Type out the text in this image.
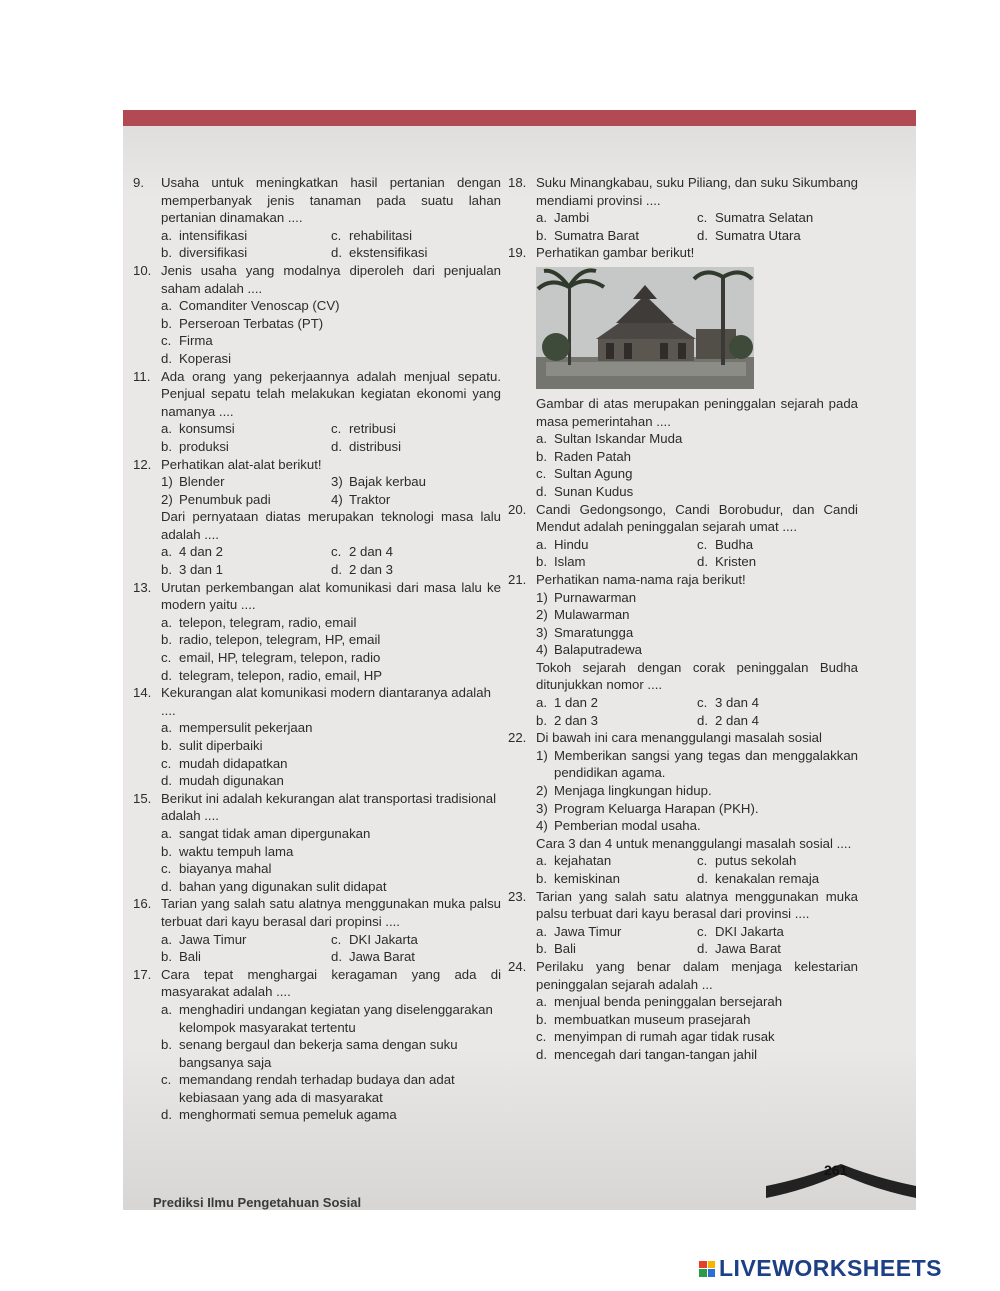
9.	Usaha untuk meningkatkan hasil pertanian dengan memperbanyak jenis tanaman pada suatu lahan pertanian dinamakan ....
a. intensifikasi	c. rehabilitasi
b. diversifikasi	d. ekstensifikasi
10. Jenis usaha yang modalnya diperoleh dari penjualan saham adalah ....
a. Comanditer Venoscap (CV)
b. Perseroan Terbatas (PT)
c. Firma
d. Koperasi
11. Ada orang yang pekerjaannya adalah menjual sepatu. Penjual sepatu telah melakukan kegiatan ekonomi yang namanya ....
a. konsumsi	c. retribusi
b. produksi	d. distribusi
12. Perhatikan alat-alat berikut!
1) Blender	3) Bajak kerbau
2) Penumbuk padi	4) Traktor
Dari pernyataan diatas merupakan teknologi masa lalu adalah ....
a. 4 dan 2	c. 2 dan 4
b. 3 dan 1	d. 2 dan 3
13. Urutan perkembangan alat komunikasi dari masa lalu ke modern yaitu ....
a. telepon, telegram, radio, email
b. radio, telepon, telegram, HP, email
c. email, HP, telegram, telepon, radio
d. telegram, telepon, radio, email, HP
14. Kekurangan alat komunikasi modern diantaranya adalah ....
a. mempersulit pekerjaan
b. sulit diperbaiki
c. mudah didapatkan
d. mudah digunakan
15. Berikut ini adalah kekurangan alat transportasi tradisional adalah ....
a. sangat tidak aman dipergunakan
b. waktu tempuh lama
c. biayanya mahal
d. bahan yang digunakan sulit didapat
16. Tarian yang salah satu alatnya menggunakan muka palsu terbuat dari kayu berasal dari propinsi ....
a. Jawa Timur	c. DKI Jakarta
b. Bali	d. Jawa Barat
17. Cara tepat menghargai keragaman yang ada di masyarakat adalah ....
a. menghadiri undangan kegiatan yang diselenggarakan kelompok masyarakat tertentu
b. senang bergaul dan bekerja sama dengan suku bangsanya saja
c. memandang rendah terhadap budaya dan adat kebiasaan yang ada di masyarakat
d. menghormati semua pemeluk agama
18. Suku Minangkabau, suku Piliang, dan suku Sikumbang mendiami provinsi ....
a. Jambi	c. Sumatra Selatan
b. Sumatra Barat	d. Sumatra Utara
19. Perhatikan gambar berikut!
Gambar di atas merupakan peninggalan sejarah pada masa pemerintahan ....
a. Sultan Iskandar Muda
b. Raden Patah
c. Sultan Agung
d. Sunan Kudus
20. Candi Gedongsongo, Candi Borobudur, dan Candi Mendut adalah peninggalan sejarah umat ....
a. Hindu	c. Budha
b. Islam	d. Kristen
21. Perhatikan nama-nama raja berikut!
1) Purnawarman
2) Mulawarman
3) Smaratungga
4) Balaputradewa
Tokoh sejarah dengan corak peninggalan Budha ditunjukkan nomor ....
a. 1 dan 2	c. 3 dan 4
b. 2 dan 3	d. 2 dan 4
22. Di bawah ini cara menanggulangi masalah sosial
1) Memberikan sangsi yang tegas dan menggalakkan pendidikan agama.
2) Menjaga lingkungan hidup.
3) Program Keluarga Harapan (PKH).
4) Pemberian modal usaha.
Cara 3 dan 4 untuk menanggulangi masalah sosial ....
a. kejahatan	c. putus sekolah
b. kemiskinan	d. kenakalan remaja
23. Tarian yang salah satu alatnya menggunakan muka palsu terbuat dari kayu berasal dari provinsi ....
a. Jawa Timur	c. DKI Jakarta
b. Bali	d. Jawa Barat
24. Perilaku yang benar dalam menjaga kelestarian peninggalan sejarah adalah ...
a. menjual benda peninggalan bersejarah
b. membuatkan museum prasejarah
c. menyimpan di rumah agar tidak rusak
d. mencegah dari tangan-tangan jahil
Prediksi Ilmu Pengetahuan Sosial
261
LIVEWORKSHEETS
